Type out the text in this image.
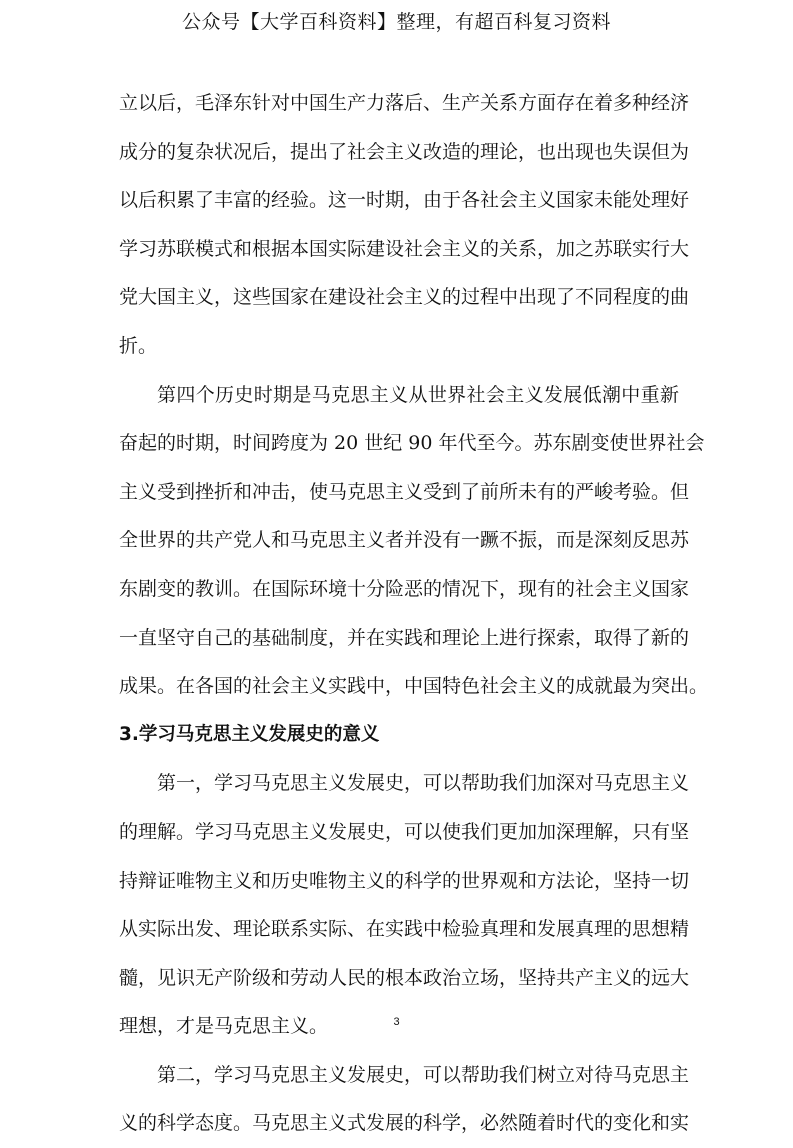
公众号【大学百科资料】整理，有超百科复习资料
立以后，毛泽东针对中国生产力落后、生产关系方面存在着多种经济
成分的复杂状况后，提出了社会主义改造的理论，也出现也失误但为
以后积累了丰富的经验。这一时期，由于各社会主义国家未能处理好
学习苏联模式和根据本国实际建设社会主义的关系，加之苏联实行大
党大国主义，这些国家在建设社会主义的过程中出现了不同程度的曲
折。
第四个历史时期是马克思主义从世界社会主义发展低潮中重新
奋起的时期，时间跨度为 20 世纪 90 年代至今。苏东剧变使世界社会
主义受到挫折和冲击，使马克思主义受到了前所未有的严峻考验。但
全世界的共产党人和马克思主义者并没有一蹶不振，而是深刻反思苏
东剧变的教训。在国际环境十分险恶的情况下，现有的社会主义国家
一直坚守自己的基础制度，并在实践和理论上进行探索，取得了新的
成果。在各国的社会主义实践中，中国特色社会主义的成就最为突出。
3.学习马克思主义发展史的意义
第一，学习马克思主义发展史，可以帮助我们加深对马克思主义
的理解。学习马克思主义发展史，可以使我们更加加深理解，只有坚
持辩证唯物主义和历史唯物主义的科学的世界观和方法论，坚持一切
从实际出发、理论联系实际、在实践中检验真理和发展真理的思想精
髓，见识无产阶级和劳动人民的根本政治立场，坚持共产主义的远大
理想，才是马克思主义。
第二，学习马克思主义发展史，可以帮助我们树立对待马克思主
义的科学态度。马克思主义式发展的科学，必然随着时代的变化和实
3
